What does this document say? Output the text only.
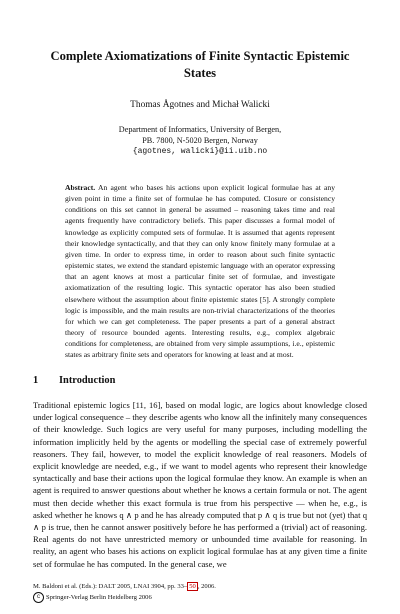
Complete Axiomatizations of Finite Syntactic Epistemic States
Thomas Ågotnes and Michał Walicki
Department of Informatics, University of Bergen,
PB. 7800, N-5020 Bergen, Norway
{agotnes, walicki}@ii.uib.no
Abstract. An agent who bases his actions upon explicit logical formulae has at any given point in time a finite set of formulae he has computed. Closure or consistency conditions on this set cannot in general be assumed – reasoning takes time and real agents frequently have contradictory beliefs. This paper discusses a formal model of knowledge as explicitly computed sets of formulae. It is assumed that agents represent their knowledge syntactically, and that they can only know finitely many formulae at a given time. In order to express time, in order to reason about such finite syntactic epistemic states, we extend the standard epistemic language with an operator expressing that an agent knows at most a particular finite set of formulae, and investigate axiomatization of the resulting logic. This syntactic operator has also been studied elsewhere without the assumption about finite epistemic states [5]. A strongly complete logic is impossible, and the main results are non-trivial characterizations of the theories for which we can get completeness. The paper presents a part of a general abstract theory of resource bounded agents. Interesting results, e.g., complex algebraic conditions for completeness, are obtained from very simple assumptions, i.e., epistemic states as arbitrary finite sets and operators for knowing at least and at most.
1 Introduction
Traditional epistemic logics [11, 16], based on modal logic, are logics about knowledge closed under logical consequence – they describe agents who know all the infinitely many consequences of their knowledge. Such logics are very useful for many purposes, including modelling the information implicitly held by the agents or modelling the special case of extremely powerful reasoners. They fail, however, to model the explicit knowledge of real reasoners. Models of explicit knowledge are needed, e.g., if we want to model agents who represent their knowledge syntactically and base their actions upon the logical formulae they know. An example is when an agent is required to answer questions about whether he knows a certain formula or not. The agent must then decide whether this exact formula is true from his perspective — when he, e.g., is asked whether he knows q ∧ p and he has already computed that p ∧ q is true but not (yet) that q ∧ p is true, then he cannot answer positively before he has performed a (trivial) act of reasoning. Real agents do not have unrestricted memory or unbounded time available for reasoning. In reality, an agent who bases his actions on explicit logical formulae has at any given time a finite set of formulae he has computed. In the general case, we
M. Baldoni et al. (Eds.): DALT 2005, LNAI 3904, pp. 33– 50 , 2006.
c Springer-Verlag Berlin Heidelberg 2006
